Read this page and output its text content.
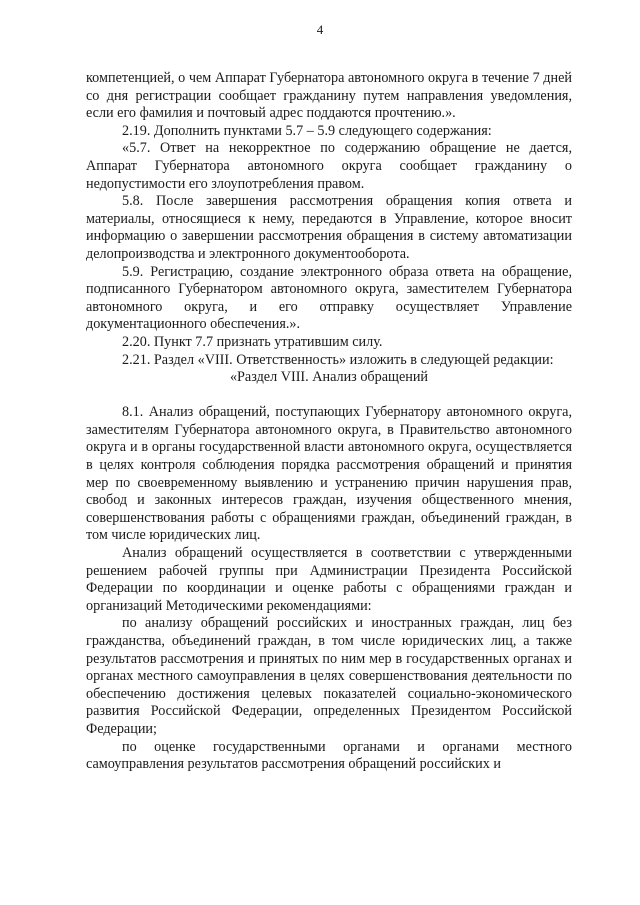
4

компетенцией, о чем Аппарат Губернатора автономного округа в течение 7 дней со дня регистрации сообщает гражданину путем направления уведомления, если его фамилия и почтовый адрес поддаются прочтению.».

2.19. Дополнить пунктами 5.7 – 5.9 следующего содержания:

«5.7. Ответ на некорректное по содержанию обращение не дается, Аппарат Губернатора автономного округа сообщает гражданину о недопустимости его злоупотребления правом.

5.8. После завершения рассмотрения обращения копия ответа и материалы, относящиеся к нему, передаются в Управление, которое вносит информацию о завершении рассмотрения обращения в систему автоматизации делопроизводства и электронного документооборота.

5.9. Регистрацию, создание электронного образа ответа на обращение, подписанного Губернатором автономного округа, заместителем Губернатора автономного округа, и его отправку осуществляет Управление документационного обеспечения.».

2.20. Пункт 7.7 признать утратившим силу.

2.21. Раздел «VIII. Ответственность» изложить в следующей редакции:

«Раздел VIII. Анализ обращений

8.1. Анализ обращений, поступающих Губернатору автономного округа, заместителям Губернатора автономного округа, в Правительство автономного округа и в органы государственной власти автономного округа, осуществляется в целях контроля соблюдения порядка рассмотрения обращений и принятия мер по своевременному выявлению и устранению причин нарушения прав, свобод и законных интересов граждан, изучения общественного мнения, совершенствования работы с обращениями граждан, объединений граждан, в том числе юридических лиц.

Анализ обращений осуществляется в соответствии с утвержденными решением рабочей группы при Администрации Президента Российской Федерации по координации и оценке работы с обращениями граждан и организаций Методическими рекомендациями:

по анализу обращений российских и иностранных граждан, лиц без гражданства, объединений граждан, в том числе юридических лиц, а также результатов рассмотрения и принятых по ним мер в государственных органах и органах местного самоуправления в целях совершенствования деятельности по обеспечению достижения целевых показателей социально-экономического развития Российской Федерации, определенных Президентом Российской Федерации;

по оценке государственными органами и органами местного самоуправления результатов рассмотрения обращений российских и
